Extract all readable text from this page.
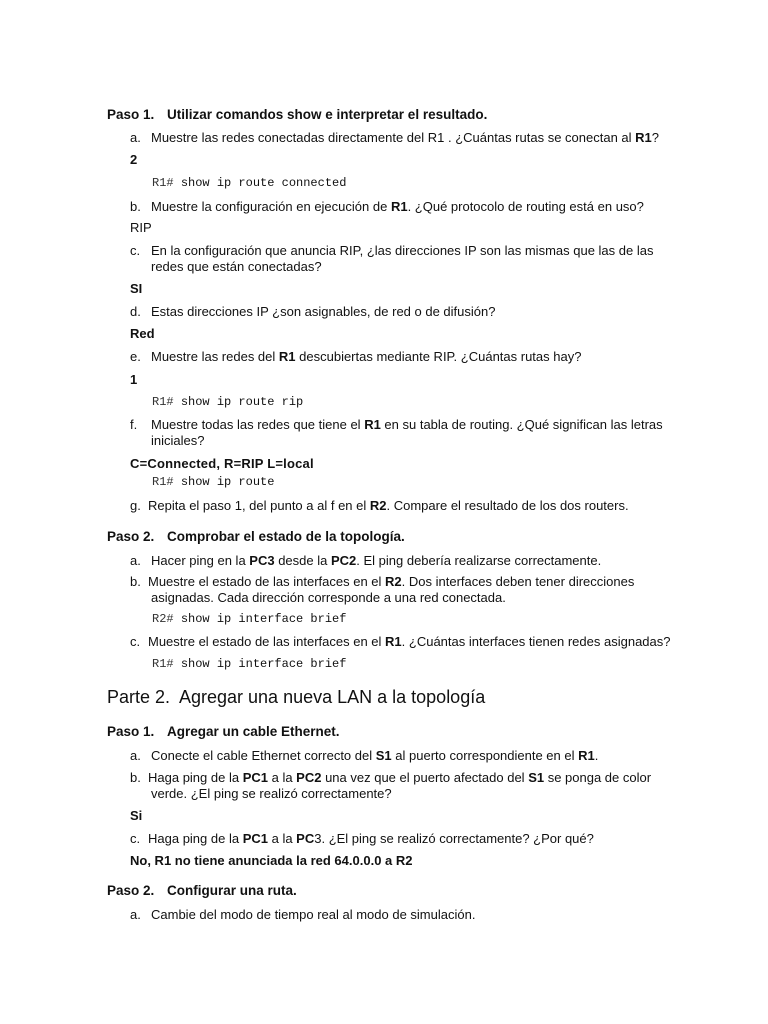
Paso 1. Utilizar comandos show e interpretar el resultado.
a. Muestre las redes conectadas directamente del R1 . ¿Cuántas rutas se conectan al R1?
2
R1# show ip route connected
b. Muestre la configuración en ejecución de R1. ¿Qué protocolo de routing está en uso?
RIP
c. En la configuración que anuncia RIP, ¿las direcciones IP son las mismas que las de las
redes que están conectadas?
SI
d. Estas direcciones IP ¿son asignables, de red o de difusión?
Red
e. Muestre las redes del R1 descubiertas mediante RIP. ¿Cuántas rutas hay?
1
R1# show ip route rip
f. Muestre todas las redes que tiene el R1 en su tabla de routing. ¿Qué significan las letras
iniciales?
C=Connected, R=RIP L=local
R1# show ip route
g. Repita el paso 1, del punto a al f en el R2. Compare el resultado de los dos routers.
Paso 2. Comprobar el estado de la topología.
a. Hacer ping en la PC3 desde la PC2. El ping debería realizarse correctamente.
b. Muestre el estado de las interfaces en el R2. Dos interfaces deben tener direcciones
asignadas. Cada dirección corresponde a una red conectada.
R2# show ip interface brief
c. Muestre el estado de las interfaces en el R1. ¿Cuántas interfaces tienen redes asignadas?
R1# show ip interface brief
Parte 2. Agregar una nueva LAN a la topología
Paso 1. Agregar un cable Ethernet.
a. Conecte el cable Ethernet correcto del S1 al puerto correspondiente en el R1.
b. Haga ping de la PC1 a la PC2 una vez que el puerto afectado del S1 se ponga de color
verde. ¿El ping se realizó correctamente?
Si
c. Haga ping de la PC1 a la PC3. ¿El ping se realizó correctamente? ¿Por qué?
No, R1 no tiene anunciada la red 64.0.0.0 a R2
Paso 2. Configurar una ruta.
a. Cambie del modo de tiempo real al modo de simulación.
